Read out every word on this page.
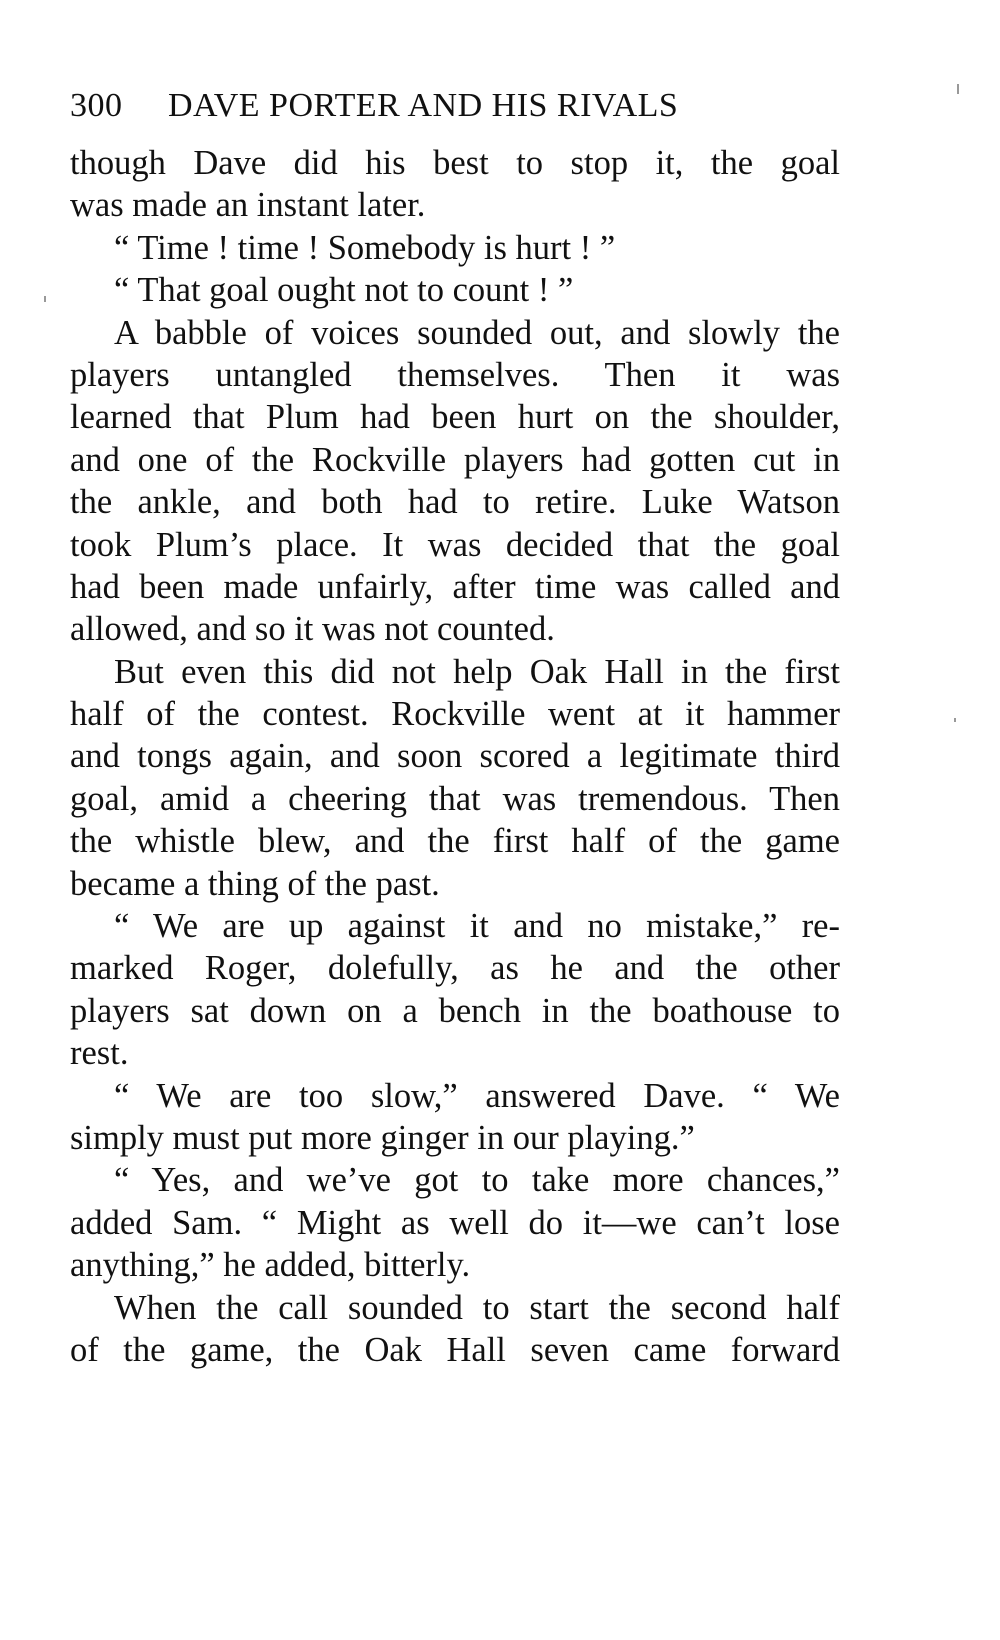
300 DAVE PORTER AND HIS RIVALS
though Dave did his best to stop it, the goal
was made an instant later.
“ Time ! time ! Somebody is hurt ! ”
“ That goal ought not to count ! ”
A babble of voices sounded out, and slowly the
players untangled themselves. Then it was
learned that Plum had been hurt on the shoulder,
and one of the Rockville players had gotten cut in
the ankle, and both had to retire. Luke Watson
took Plum’s place. It was decided that the goal
had been made unfairly, after time was called and
allowed, and so it was not counted.
But even this did not help Oak Hall in the first
half of the contest. Rockville went at it hammer
and tongs again, and soon scored a legitimate third
goal, amid a cheering that was tremendous. Then
the whistle blew, and the first half of the game
became a thing of the past.
“ We are up against it and no mistake,” re-
marked Roger, dolefully, as he and the other
players sat down on a bench in the boathouse to
rest.
“ We are too slow,” answered Dave. “ We
simply must put more ginger in our playing.”
“ Yes, and we’ve got to take more chances,”
added Sam. “ Might as well do it—we can’t lose
anything,” he added, bitterly.
When the call sounded to start the second half
of the game, the Oak Hall seven came forward
